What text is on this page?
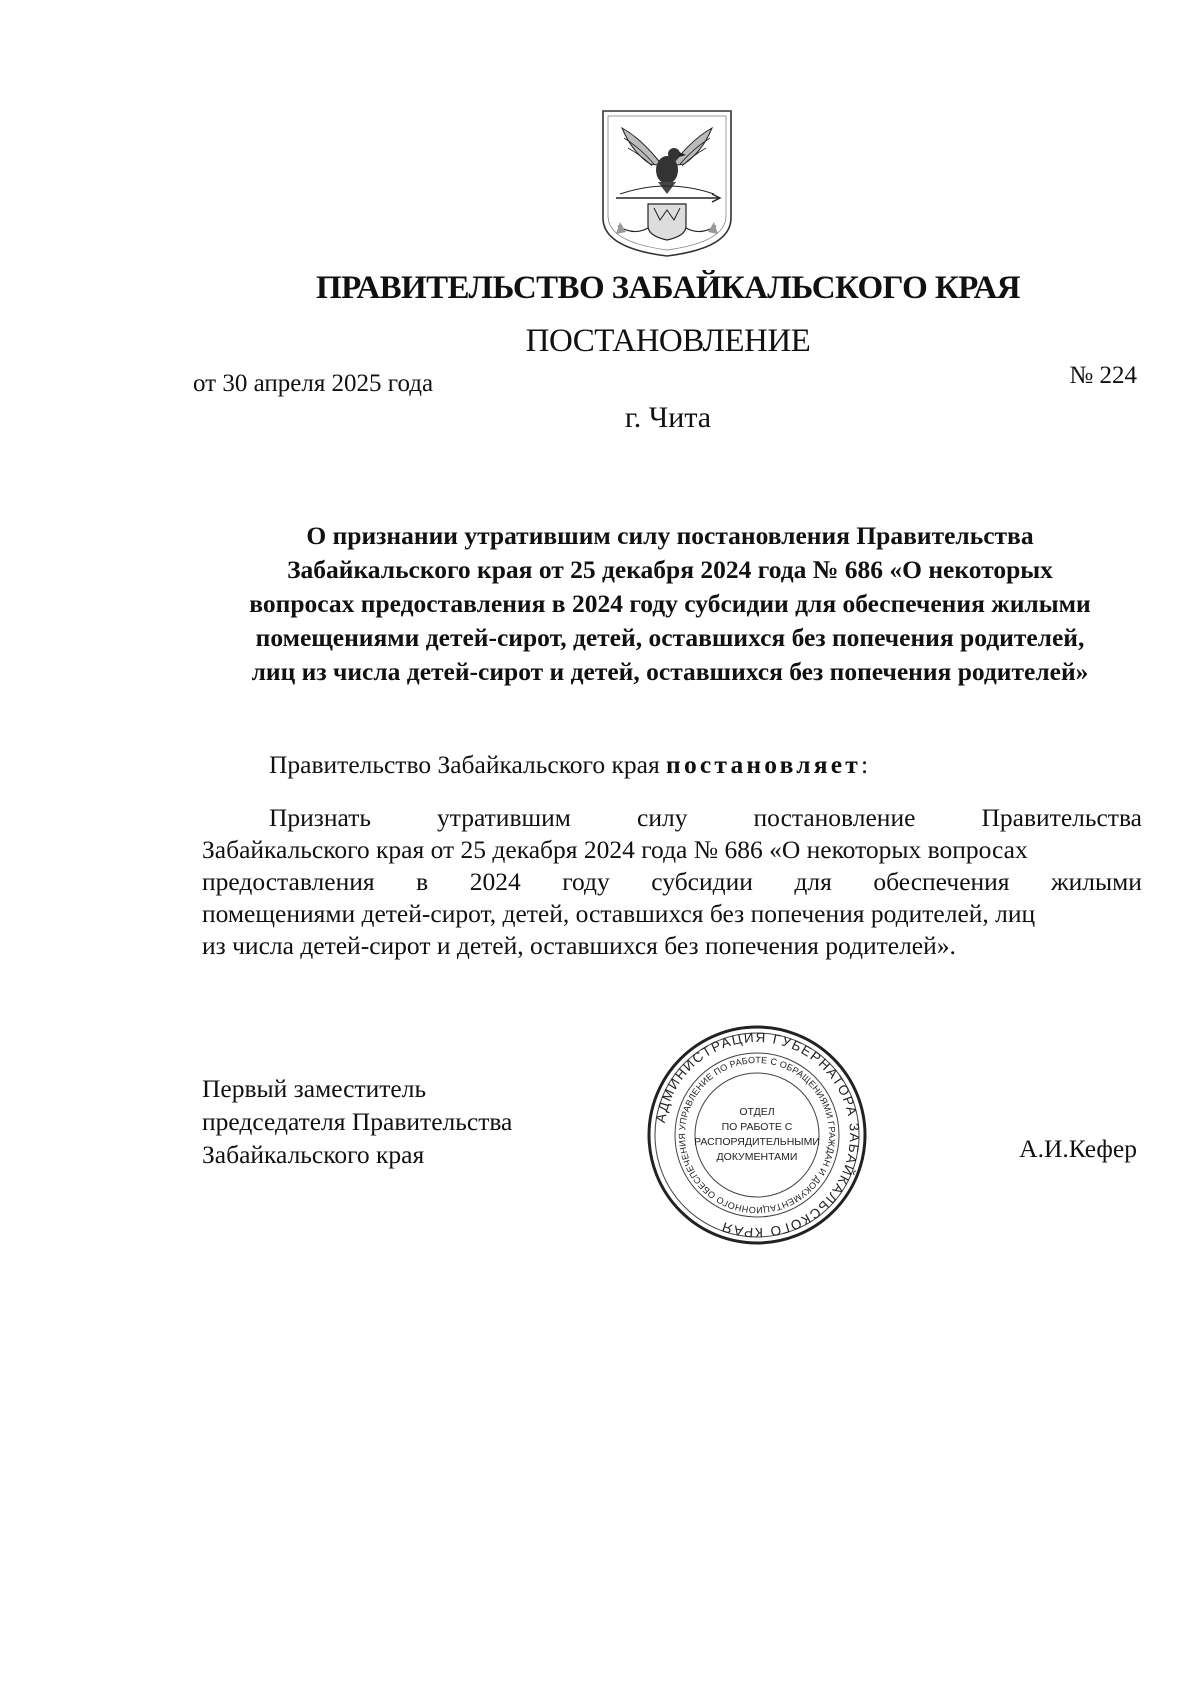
ПРАВИТЕЛЬСТВО ЗАБАЙКАЛЬСКОГО КРАЯ
ПОСТАНОВЛЕНИЕ
от 30 апреля 2025 года	№ 224
г. Чита
О признании утратившим силу постановления Правительства
Забайкальского края от 25 декабря 2024 года № 686 «О некоторых
вопросах предоставления в 2024 году субсидии для обеспечения жилыми
помещениями детей-сирот, детей, оставшихся без попечения родителей,
лиц из числа детей-сирот и детей, оставшихся без попечения родителей»
Правительство Забайкальского края постановляет:
Признать	утратившим	силу	постановление	Правительства
Забайкальского края от 25 декабря 2024 года № 686 «О некоторых вопросах
предоставления в 2024 году субсидии для обеспечения жилыми
помещениями детей-сирот, детей, оставшихся без попечения родителей, лиц
из числа детей-сирот и детей, оставшихся без попечения родителей».
Первый заместитель
председателя Правительства
Забайкальского края
АДМИНИСТРАЦИЯ ГУБЕРНАТОРА ЗАБАЙКАЛЬСКОГО КРАЯ
УПРАВЛЕНИЕ ПО РАБОТЕ С ОБРАЩЕНИЯМИ ГРАЖДАН И ДОКУМЕНТАЦИОННОГО ОБЕСПЕЧЕНИЯ
ОТДЕЛ
ПО РАБОТЕ С
РАСПОРЯДИТЕЛЬНЫМИ
ДОКУМЕНТАМИ	А.И.Кефер
